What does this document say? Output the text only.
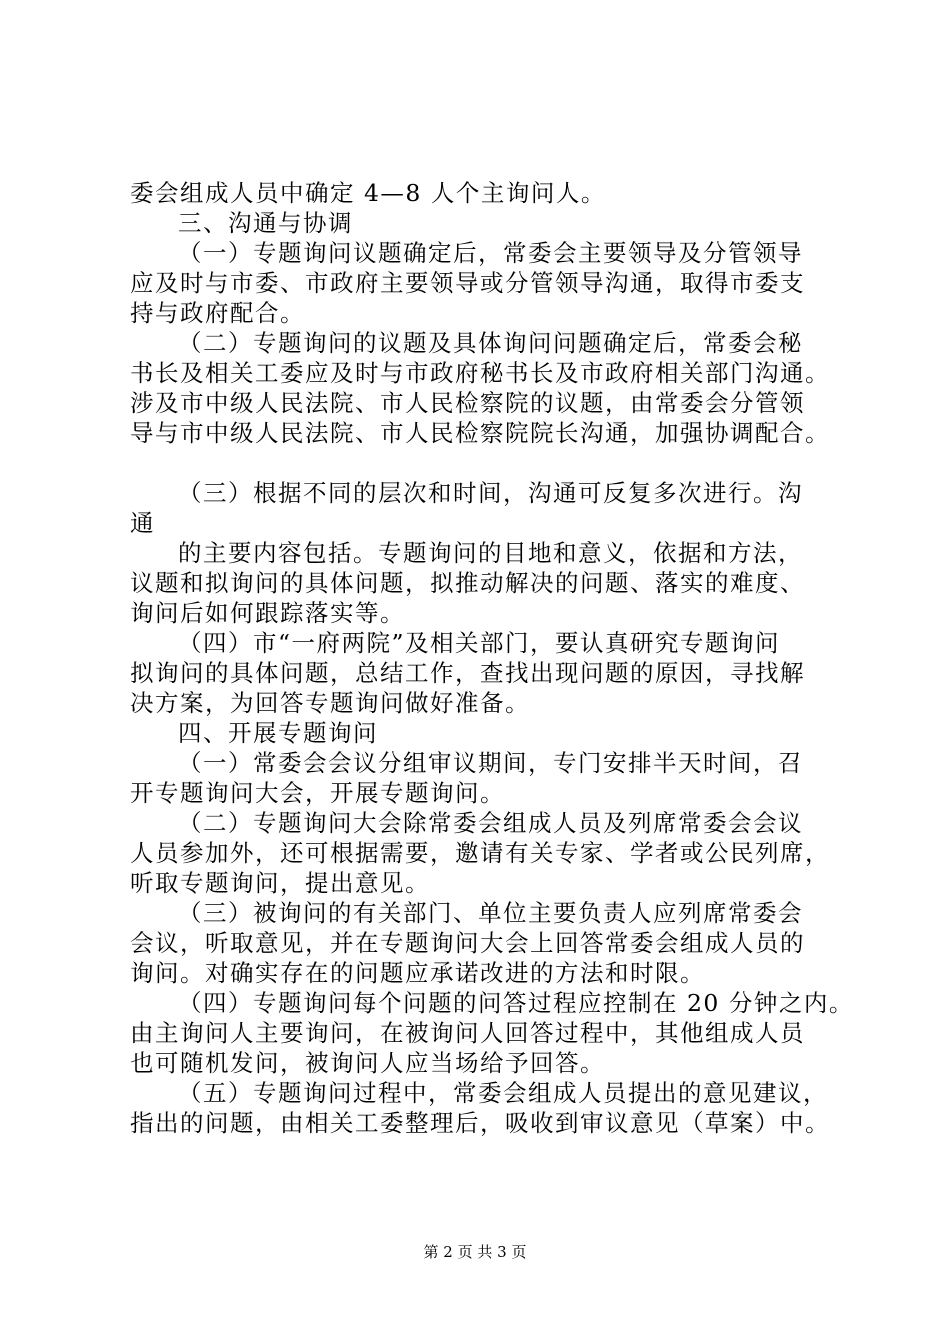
委会组成人员中确定 4—8 人个主询问人。
三、沟通与协调
（一）专题询问议题确定后，常委会主要领导及分管领导
应及时与市委、市政府主要领导或分管领导沟通，取得市委支
持与政府配合。
（二）专题询问的议题及具体询问问题确定后，常委会秘
书长及相关工委应及时与市政府秘书长及市政府相关部门沟通。
涉及市中级人民法院、市人民检察院的议题，由常委会分管领
导与市中级人民法院、市人民检察院院长沟通，加强协调配合。
（三）根据不同的层次和时间，沟通可反复多次进行。沟
通
的主要内容包括。专题询问的目地和意义，依据和方法，
议题和拟询问的具体问题，拟推动解决的问题、落实的难度、
询问后如何跟踪落实等。
（四）市“一府两院”及相关部门，要认真研究专题询问
拟询问的具体问题，总结工作，查找出现问题的原因，寻找解
决方案，为回答专题询问做好准备。
四、开展专题询问
（一）常委会会议分组审议期间，专门安排半天时间，召
开专题询问大会，开展专题询问。
（二）专题询问大会除常委会组成人员及列席常委会会议
人员参加外，还可根据需要，邀请有关专家、学者或公民列席，
听取专题询问，提出意见。
（三）被询问的有关部门、单位主要负责人应列席常委会
会议，听取意见，并在专题询问大会上回答常委会组成人员的
询问。对确实存在的问题应承诺改进的方法和时限。
（四）专题询问每个问题的问答过程应控制在 20 分钟之内。
由主询问人主要询问，在被询问人回答过程中，其他组成人员
也可随机发问，被询问人应当场给予回答。
（五）专题询问过程中，常委会组成人员提出的意见建议，
指出的问题，由相关工委整理后，吸收到审议意见（草案）中。
第 2 页 共 3 页
